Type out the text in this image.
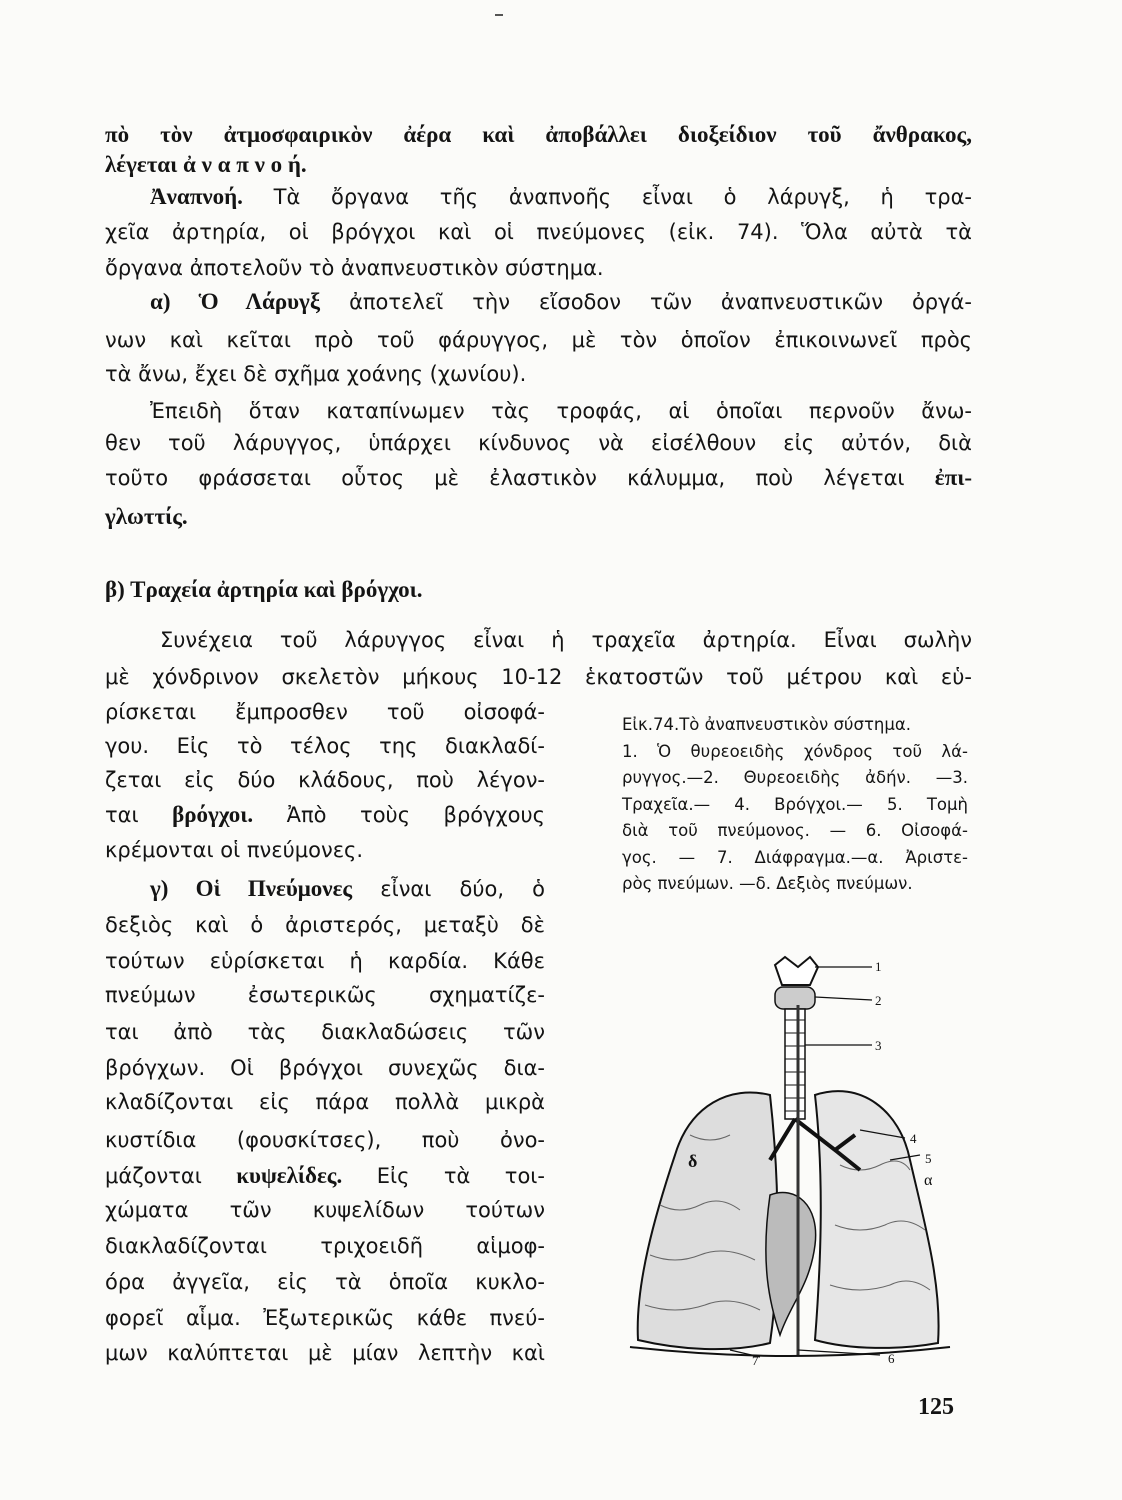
πὸ τὸν ἀτμοσφαιρικὸν ἀέρα καὶ ἀποβάλλει διοξείδιον τοῦ ἄνθρακος,
λέγεται ἀ ν α π ν ο ή.
Ἀναπνοή. Τὰ ὄργανα τῆς ἀναπνοῆς εἶναι ὁ λάρυγξ, ἡ τρα-
χεῖα ἀρτηρία, οἱ βρόγχοι καὶ οἱ πνεύμονες (εἰκ. 74). Ὅλα αὐτὰ τὰ
ὄργανα ἀποτελοῦν τὸ ἀναπνευστικὸν σύστημα.
α) Ὁ Λάρυγξ ἀποτελεῖ τὴν εἴσοδον τῶν ἀναπνευστικῶν ὀργά-
νων καὶ κεῖται πρὸ τοῦ φάρυγγος, μὲ τὸν ὁποῖον ἐπικοινωνεῖ πρὸς
τὰ ἄνω, ἔχει δὲ σχῆμα χοάνης (χωνίου).
Ἐπειδὴ ὅταν καταπίνωμεν τὰς τροφάς, αἱ ὁποῖαι περνοῦν ἄνω-
θεν τοῦ λάρυγγος, ὑπάρχει κίνδυνος νὰ εἰσέλθουν εἰς αὐτόν, διὰ
τοῦτο φράσσεται οὗτος μὲ ἐλαστικὸν κάλυμμα, ποὺ λέγεται ἐπι-
γλωττίς.
β) Τραχεία ἀρτηρία καὶ βρόγχοι.
Συνέχεια τοῦ λάρυγγος εἶναι ἡ τραχεῖα ἀρτηρία. Εἶναι σωλὴν
μὲ χόνδρινον σκελετὸν μήκους 10-12 ἑκατοστῶν τοῦ μέτρου καὶ εὑ-
ρίσκεται ἔμπροσθεν τοῦ οἰσοφά-
γου. Εἰς τὸ τέλος της διακλαδί-
ζεται εἰς δύο κλάδους, ποὺ λέγον-
ται βρόγχοι. Ἀπὸ τοὺς βρόγχους
κρέμονται οἱ πνεύμονες.
γ) Οἱ Πνεύμονες εἶναι δύο, ὁ
δεξιὸς καὶ ὁ ἀριστερός, μεταξὺ δὲ
τούτων εὑρίσκεται ἡ καρδία. Κάθε
πνεύμων ἐσωτερικῶς σχηματίζε-
ται ἀπὸ τὰς διακλαδώσεις τῶν
βρόγχων. Οἱ βρόγχοι συνεχῶς δια-
κλαδίζονται εἰς πάρα πολλὰ μικρὰ
κυστίδια (φουσκίτσες), ποὺ ὀνο-
μάζονται κυψελίδες. Εἰς τὰ τοι-
χώματα τῶν κυψελίδων τούτων
διακλαδίζονται τριχοειδῆ αἱμοφ-
όρα ἀγγεῖα, εἰς τὰ ὁποῖα κυκλο-
φορεῖ αἷμα. Ἐξωτερικῶς κάθε πνεύ-
μων καλύπτεται μὲ μίαν λεπτὴν καὶ
Εἰκ.74.Τὸ ἀναπνευστικὸν σύστημα.
1. Ὁ θυρεοειδὴς χόνδρος τοῦ λά-
ρυγγος.—2. Θυρεοειδὴς ἀδήν. —3.
Τραχεῖα.— 4. Βρόγχοι.— 5. Τομὴ
διὰ τοῦ πνεύμονος. — 6. Οἰσοφά-
γος. — 7. Διάφραγμα.—α. Ἀριστε-
ρὸς πνεύμων. —δ. Δεξιὸς πνεύμων.
1
2
3
4
5
α
δ
7	6
125
